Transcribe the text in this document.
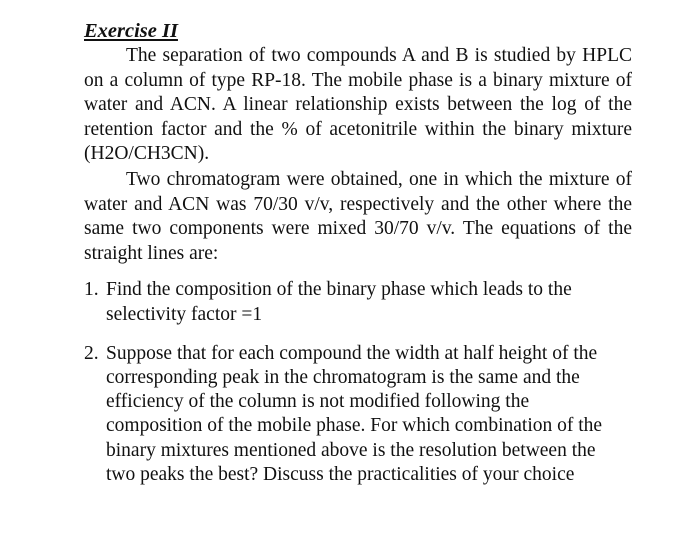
Exercise II

The separation of two compounds A and B is studied by HPLC on a column of type RP-18. The mobile phase is a binary mixture of water and ACN. A linear relationship exists between the log of the retention factor and the % of acetonitrile within the binary mixture (H2O/CH3CN).

Two chromatogram were obtained, one in which the mixture of water and ACN was 70/30 v/v, respectively and the other where the same two components were mixed 30/70 v/v. The equations of the straight lines are:

1. Find the composition of the binary phase which leads to the selectivity factor =1
2. Suppose that for each compound the width at half height of the corresponding peak in the chromatogram is the same and the efficiency of the column is not modified following the composition of the mobile phase. For which combination of the binary mixtures mentioned above is the resolution between the two peaks the best? Discuss the practicalities of your choice
